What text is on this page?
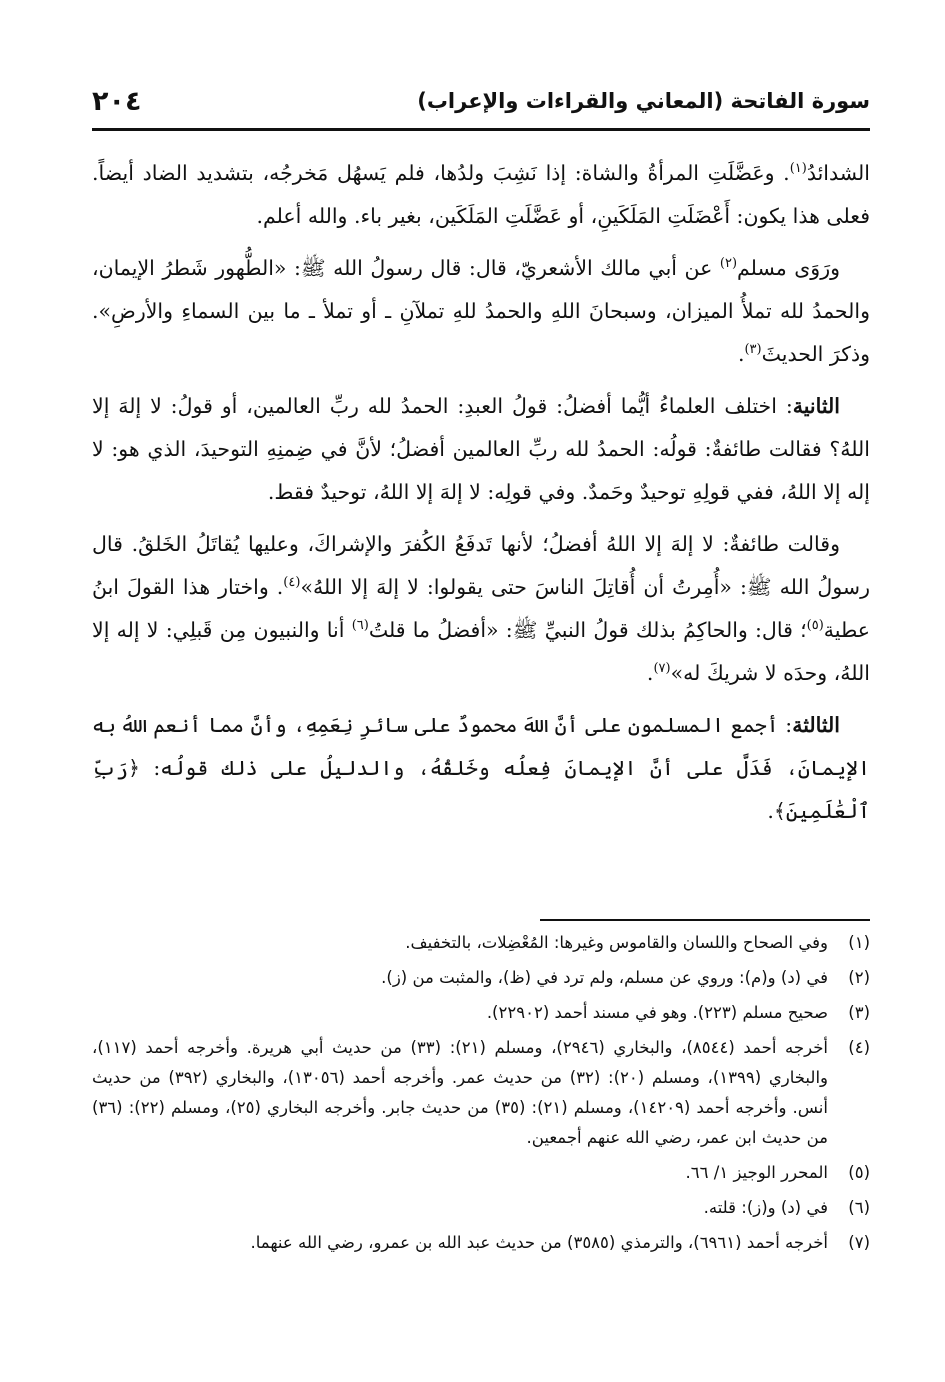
سورة الفاتحة (المعاني والقراءات والإعراب)
٢٠٤

الشدائدُ$^{(١)}$. وعَضَّلَتِ المرأةُ والشاة: إذا نَشِبَ ولدُها، فلم يَسهُل مَخرجُه، بتشديد الضاد أيضاً. فعلى هذا يكون: أَعْضَلَتِ المَلَكَينِ، أو عَضَّلَتِ المَلَكَين، بغير باء. والله أعلم.

ورَوَى مسلم$^{(٢)}$ عن أبي مالك الأشعريّ، قال: قال رسولُ الله ﷺ: «الطُّهور شَطرُ الإيمان، والحمدُ لله تملأُ الميزان، وسبحانَ اللهِ والحمدُ للهِ تملآنِ ـ أو تملأ ـ ما بين السماءِ والأرضِ». وذكرَ الحديثَ$^{(٣)}$.

الثانية: اختلف العلماءُ أيُّما أفضلُ: قولُ العبدِ: الحمدُ لله ربِّ العالمين، أو قولُ: لا إلهَ إلا اللهُ؟ فقالت طائفةٌ: قولُه: الحمدُ لله ربِّ العالمين أفضلُ؛ لأنَّ في ضِمنِهِ التوحيدَ، الذي هو: لا إله إلا اللهُ، ففي قولِهِ توحيدٌ وحَمدٌ. وفي قولِه: لا إلهَ إلا اللهُ، توحيدٌ فقط.

وقالت طائفةٌ: لا إلهَ إلا اللهُ أفضلُ؛ لأنها تَدفَعُ الكُفرَ والإشراكَ، وعليها يُقاتَلُ الخَلقُ. قال رسولُ الله ﷺ: «أُمِرتُ أن أُقاتِلَ الناسَ حتى يقولوا: لا إلهَ إلا اللهُ»$^{(٤)}$. واختار هذا القولَ ابنُ عطية$^{(٥)}$؛ قال: والحاكِمُ بذلك قولُ النبيِّ ﷺ: «أفضلُ ما قلتُ$^{(٦)}$ أنا والنبيون مِن قَبلِي: لا إله إلا اللهُ، وحدَه لا شريكَ له»$^{(٧)}$.

الثالثة: أجمع المسلمون على أنَّ اللهَ محمودٌ على سائرِ نِعَمِهِ، وأنَّ مما أنعم اللهُ به الإيمانَ، فَدَلَّ على أنَّ الإيمانَ فِعلُه وخَلقُهُ، والدليلُ على ذلك قولُه: ﴿رَبِّ ٱلْعَٰلَمِينَ﴾.

(١)
وفي الصحاح واللسان والقاموس وغيرها: المُعْضِلات، بالتخفيف.
(٢)
في (د) و(م): وروي عن مسلم، ولم ترد في (ظ)، والمثبت من (ز).
(٣)
صحيح مسلم (٢٢٣). وهو في مسند أحمد (٢٢٩٠٢).
(٤)
أخرجه أحمد (٨٥٤٤)، والبخاري (٢٩٤٦)، ومسلم (٢١): (٣٣) من حديث أبي هريرة. وأخرجه أحمد (١١٧)، والبخاري (١٣٩٩)، ومسلم (٢٠): (٣٢) من حديث عمر. وأخرجه أحمد (١٣٠٥٦)، والبخاري (٣٩٢) من حديث أنس. وأخرجه أحمد (١٤٢٠٩)، ومسلم (٢١): (٣٥) من حديث جابر. وأخرجه البخاري (٢٥)، ومسلم (٢٢): (٣٦) من حديث ابن عمر، رضي الله عنهم أجمعين.
(٥)
المحرر الوجيز ١/ ٦٦.
(٦)
في (د) و(ز): قلته.
(٧)
أخرجه أحمد (٦٩٦١)، والترمذي (٣٥٨٥) من حديث عبد الله بن عمرو، رضي الله عنهما.
